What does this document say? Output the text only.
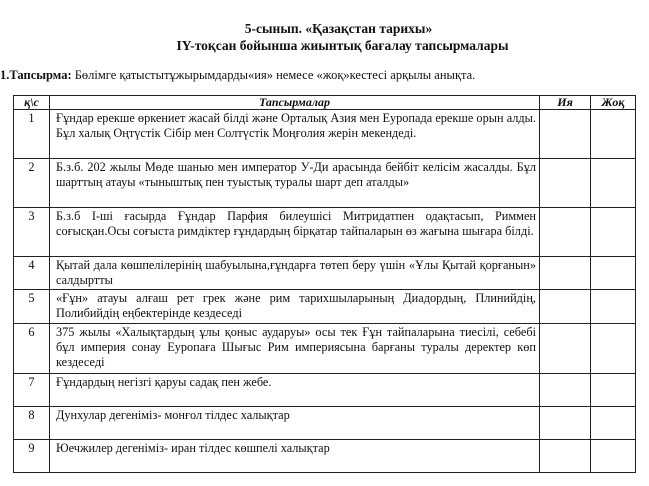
5-сынып. «Қазақстан тарихы»
IY-тоқсан бойынша жиынтық бағалау тапсырмалары
1.Тапсырма: Бөлімге қатыстытұжырымдарды«ия» немесе «жоқ»кестесі арқылы анықта.
қ\с	Тапсырмалар	Ия	Жоқ
1	Ғұндар ерекше өркениет жасай білді және Орталық Азия мен Еуропада ерекше орын алды. Бұл халық Оңтүстік Сібір мен Солтүстік Моңғолия жерін мекендеді.		
2	Б.з.б. 202 жылы Мөде шанью мен император У-Ди арасында бейбіт келісім жасалды. Бұл шарттың атауы «тыныштық пен туыстық туралы шарт деп аталды»		
3	Б.з.б І-ші ғасырда Ғұндар Парфия билеушісі Митридатпен одақтасып, Риммен соғысқан.Осы соғыста римдіктер ғұндардың бірқатар тайпаларын өз жағына шығара білді.		
4	Қытай дала көшпелілерінің шабуылына,ғұндарға төтеп беру үшін «Ұлы Қытай қорғанын» салдыртты		
5	«Ғұн» атауы алғаш рет грек және рим тарихшыларының Диадордың, Плинийдің, Полибийдің еңбектерінде кездеседі		
6	375 жылы «Халықтардың ұлы қоныс аударуы» осы тек Ғұн тайпаларына тиесілі, себебі бұл империя сонау Еуропаға Шығыс Рим империясына барғаны туралы деректер көп кездеседі		
7	Ғұндардың негізгі қаруы садақ пен жебе.		
8	Дунхулар дегеніміз- монғол тілдес халықтар		
9	Юечжилер дегеніміз- иран тілдес көшпелі халықтар		
